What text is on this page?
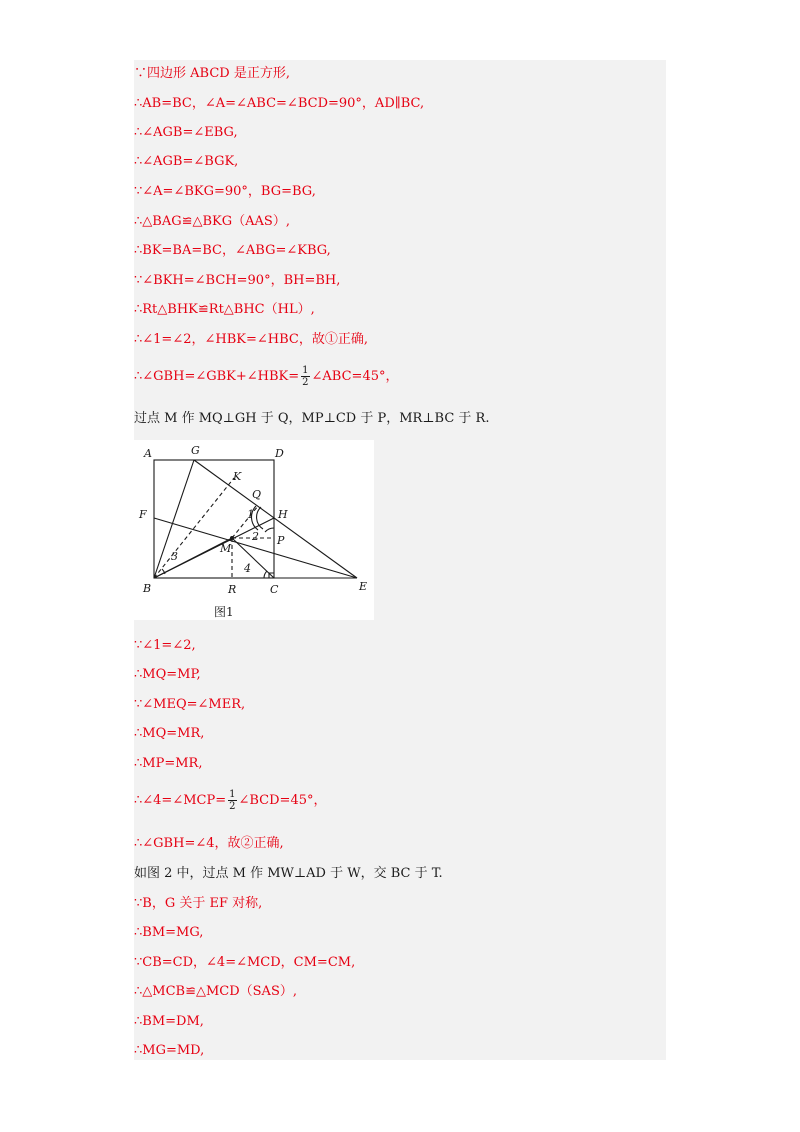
∵四边形 ABCD 是正方形,
∴AB=BC，∠A=∠ABC=∠BCD=90°，AD∥BC,
∴∠AGB=∠EBG,
∴∠AGB=∠BGK,
∵∠A=∠BKG=90°，BG=BG,
∴△BAG≌△BKG（AAS）,
∴BK=BA=BC，∠ABG=∠KBG,
∵∠BKH=∠BCH=90°，BH=BH,
∴Rt△BHK≌Rt△BHC（HL）,
∴∠1=∠2，∠HBK=∠HBC，故①正确,
∴∠GBH=∠GBK+∠HBK= $\frac{1}{2}$ ∠ABC=45°，
过点 M 作 MQ⊥GH 于 Q，MP⊥CD 于 P，MR⊥BC 于 R.
A	G	D
K
Q
H
F	1
2 P
M
3
4
B	R	C	E
图1
∵∠1=∠2,
∴MQ=MP,
∵∠MEQ=∠MER,
∴MQ=MR,
∴MP=MR,
∴∠4=∠MCP= $\frac{1}{2}$ ∠BCD=45°，
∴∠GBH=∠4，故②正确,
如图 2 中，过点 M 作 MW⊥AD 于 W，交 BC 于 T.
∵B，G 关于 EF 对称,
∴BM=MG,
∵CB=CD，∠4=∠MCD，CM=CM,
∴△MCB≌△MCD（SAS）,
∴BM=DM,
∴MG=MD,
